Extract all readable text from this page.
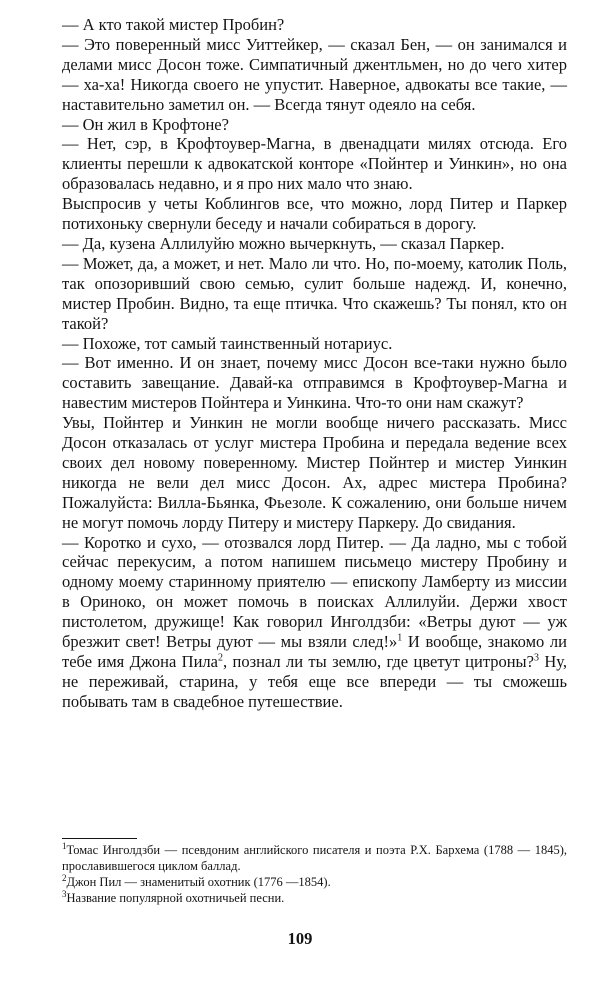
— А кто такой мистер Пробин?

— Это поверенный мисс Уиттейкер, — сказал Бен, — он занимался и делами мисс Досон тоже. Симпатичный джентльмен, но до чего хитер — ха-ха! Никогда своего не упустит. Наверное, адвокаты все такие, — наставительно заметил он. — Всегда тянут одеяло на себя.

— Он жил в Крофтоне?

— Нет, сэр, в Крофтоувер-Магна, в двенадцати милях отсюда. Его клиенты перешли к адвокатской конторе «Пойнтер и Уинкин», но она образовалась недавно, и я про них мало что знаю.

Выспросив у четы Коблингов все, что можно, лорд Питер и Паркер потихоньку свернули беседу и начали собираться в дорогу.

— Да, кузена Аллилуйю можно вычеркнуть, — сказал Паркер.

— Может, да, а может, и нет. Мало ли что. Но, по-моему, католик Поль, так опозоривший свою семью, сулит больше надежд. И, конечно, мистер Пробин. Видно, та еще птичка. Что скажешь? Ты понял, кто он такой?

— Похоже, тот самый таинственный нотариус.

— Вот именно. И он знает, почему мисс Досон все-таки нужно было составить завещание. Давай-ка отправимся в Крофтоувер-Магна и навестим мистеров Пойнтера и Уинкина. Что-то они нам скажут?

Увы, Пойнтер и Уинкин не могли вообще ничего рассказать. Мисс Досон отказалась от услуг мистера Пробина и передала ведение всех своих дел новому поверенному. Мистер Пойнтер и мистер Уинкин никогда не вели дел мисс Досон. Ах, адрес мистера Пробина? Пожалуйста: Вилла-Бьянка, Фьезоле. К сожалению, они больше ничем не могут помочь лорду Питеру и мистеру Паркеру. До свидания.

— Коротко и сухо, — отозвался лорд Питер. — Да ладно, мы с тобой сейчас перекусим, а потом напишем письмецо мистеру Пробину и одному моему старинному приятелю — епископу Ламберту из миссии в Ориноко, он может помочь в поисках Аллилуйи. Держи хвост пистолетом, дружище! Как говорил Инголдзби: «Ветры дуют — уж брезжит свет! Ветры дуют — мы взяли след!»$^1$ И вообще, знакомо ли тебе имя Джона Пила$^2$, познал ли ты землю, где цветут цитроны?$^3$ Ну, не переживай, старина, у тебя еще все впереди — ты сможешь побывать там в свадебное путешествие.

$^1$Томас Инголдзби — псевдоним английского писателя и поэта Р.Х. Бархема (1788 — 1845), прославившегося циклом баллад.

$^2$Джон Пил — знаменитый охотник (1776 —1854).

$^3$Название популярной охотничьей песни.

109
